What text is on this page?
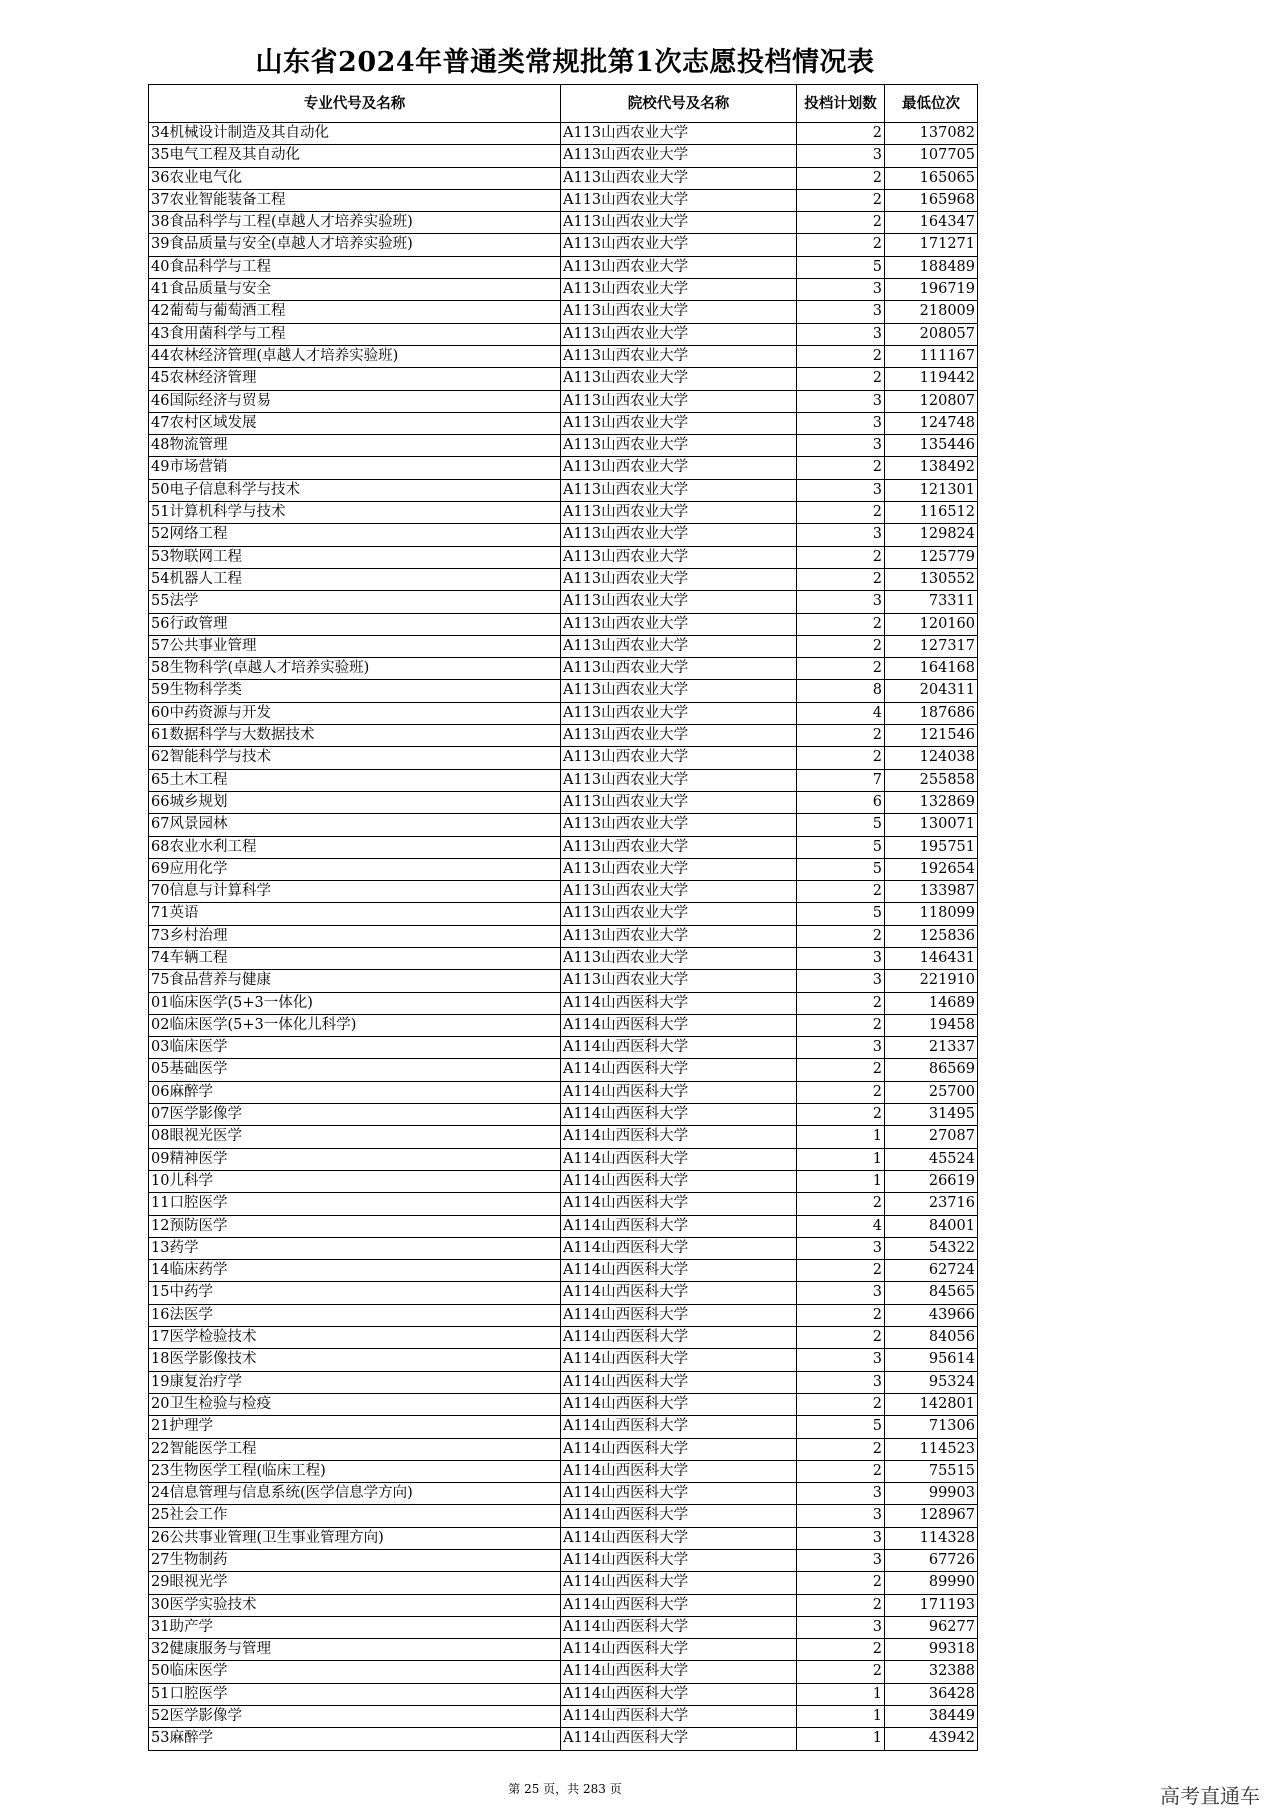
山东省2024年普通类常规批第1次志愿投档情况表
专业代号及名称	院校代号及名称	投档计划数	最低位次
34机械设计制造及其自动化	A113山西农业大学	2	137082
35电气工程及其自动化	A113山西农业大学	3	107705
36农业电气化	A113山西农业大学	2	165065
37农业智能装备工程	A113山西农业大学	2	165968
38食品科学与工程(卓越人才培养实验班)	A113山西农业大学	2	164347
39食品质量与安全(卓越人才培养实验班)	A113山西农业大学	2	171271
40食品科学与工程	A113山西农业大学	5	188489
41食品质量与安全	A113山西农业大学	3	196719
42葡萄与葡萄酒工程	A113山西农业大学	3	218009
43食用菌科学与工程	A113山西农业大学	3	208057
44农林经济管理(卓越人才培养实验班)	A113山西农业大学	2	111167
45农林经济管理	A113山西农业大学	2	119442
46国际经济与贸易	A113山西农业大学	3	120807
47农村区域发展	A113山西农业大学	3	124748
48物流管理	A113山西农业大学	3	135446
49市场营销	A113山西农业大学	2	138492
50电子信息科学与技术	A113山西农业大学	3	121301
51计算机科学与技术	A113山西农业大学	2	116512
52网络工程	A113山西农业大学	3	129824
53物联网工程	A113山西农业大学	2	125779
54机器人工程	A113山西农业大学	2	130552
55法学	A113山西农业大学	3	73311
56行政管理	A113山西农业大学	2	120160
57公共事业管理	A113山西农业大学	2	127317
58生物科学(卓越人才培养实验班)	A113山西农业大学	2	164168
59生物科学类	A113山西农业大学	8	204311
60中药资源与开发	A113山西农业大学	4	187686
61数据科学与大数据技术	A113山西农业大学	2	121546
62智能科学与技术	A113山西农业大学	2	124038
65土木工程	A113山西农业大学	7	255858
66城乡规划	A113山西农业大学	6	132869
67风景园林	A113山西农业大学	5	130071
68农业水利工程	A113山西农业大学	5	195751
69应用化学	A113山西农业大学	5	192654
70信息与计算科学	A113山西农业大学	2	133987
71英语	A113山西农业大学	5	118099
73乡村治理	A113山西农业大学	2	125836
74车辆工程	A113山西农业大学	3	146431
75食品营养与健康	A113山西农业大学	3	221910
01临床医学(5+3一体化)	A114山西医科大学	2	14689
02临床医学(5+3一体化儿科学)	A114山西医科大学	2	19458
03临床医学	A114山西医科大学	3	21337
05基础医学	A114山西医科大学	2	86569
06麻醉学	A114山西医科大学	2	25700
07医学影像学	A114山西医科大学	2	31495
08眼视光医学	A114山西医科大学	1	27087
09精神医学	A114山西医科大学	1	45524
10儿科学	A114山西医科大学	1	26619
11口腔医学	A114山西医科大学	2	23716
12预防医学	A114山西医科大学	4	84001
13药学	A114山西医科大学	3	54322
14临床药学	A114山西医科大学	2	62724
15中药学	A114山西医科大学	3	84565
16法医学	A114山西医科大学	2	43966
17医学检验技术	A114山西医科大学	2	84056
18医学影像技术	A114山西医科大学	3	95614
19康复治疗学	A114山西医科大学	3	95324
20卫生检验与检疫	A114山西医科大学	2	142801
21护理学	A114山西医科大学	5	71306
22智能医学工程	A114山西医科大学	2	114523
23生物医学工程(临床工程)	A114山西医科大学	2	75515
24信息管理与信息系统(医学信息学方向)	A114山西医科大学	3	99903
25社会工作	A114山西医科大学	3	128967
26公共事业管理(卫生事业管理方向)	A114山西医科大学	3	114328
27生物制药	A114山西医科大学	3	67726
29眼视光学	A114山西医科大学	2	89990
30医学实验技术	A114山西医科大学	2	171193
31助产学	A114山西医科大学	3	96277
32健康服务与管理	A114山西医科大学	2	99318
50临床医学	A114山西医科大学	2	32388
51口腔医学	A114山西医科大学	1	36428
52医学影像学	A114山西医科大学	1	38449
53麻醉学	A114山西医科大学	1	43942
第 25 页，共 283 页	高考直通车
